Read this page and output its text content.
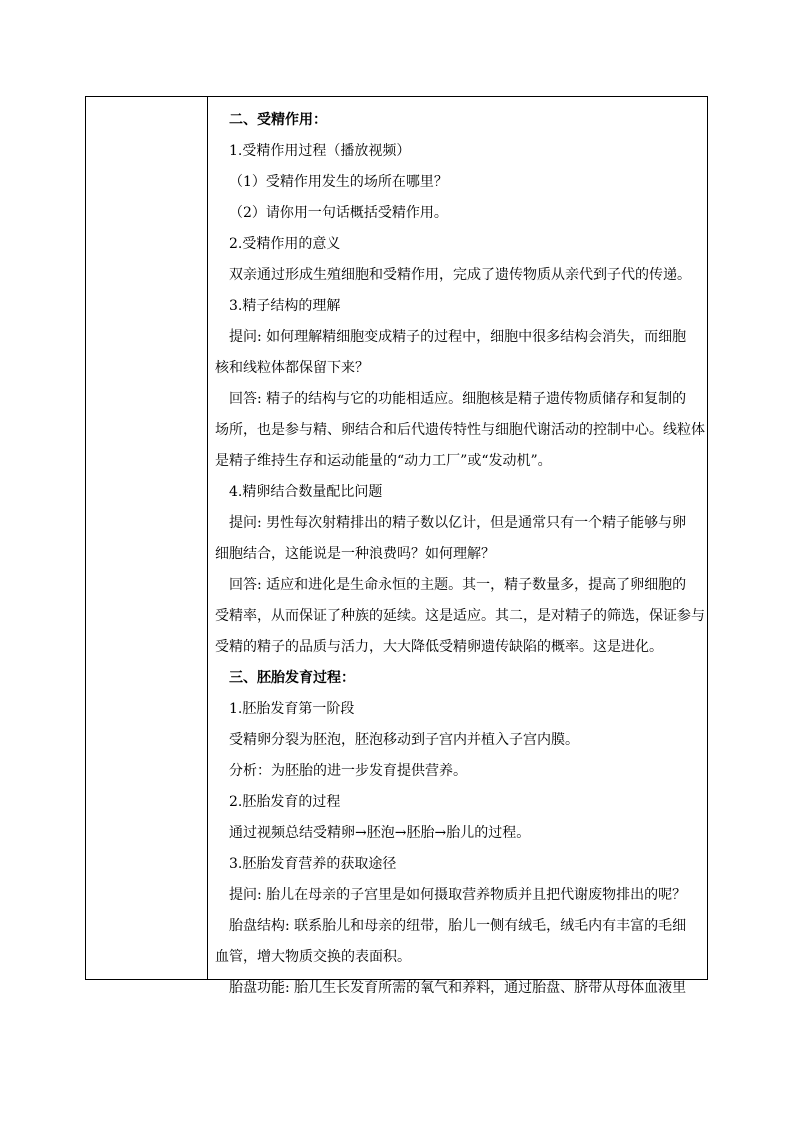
二、受精作用：
1.受精作用过程（播放视频）
（1）受精作用发生的场所在哪里？
（2）请你用一句话概括受精作用。
2.受精作用的意义
双亲通过形成生殖细胞和受精作用，完成了遗传物质从亲代到子代的传递。
3.精子结构的理解
提问: 如何理解精细胞变成精子的过程中，细胞中很多结构会消失，而细胞
核和线粒体都保留下来？
回答: 精子的结构与它的功能相适应。细胞核是精子遗传物质储存和复制的
场所，也是参与精、卵结合和后代遗传特性与细胞代谢活动的控制中心。线粒体
是精子维持生存和运动能量的“动力工厂”或“发动机”。
4.精卵结合数量配比问题
提问: 男性每次射精排出的精子数以亿计，但是通常只有一个精子能够与卵
细胞结合，这能说是一种浪费吗？如何理解？
回答: 适应和进化是生命永恒的主题。其一，精子数量多，提高了卵细胞的
受精率，从而保证了种族的延续。这是适应。其二，是对精子的筛选，保证参与
受精的精子的品质与活力，大大降低受精卵遗传缺陷的概率。这是进化。
三、胚胎发育过程：
1.胚胎发育第一阶段
受精卵分裂为胚泡，胚泡移动到子宫内并植入子宫内膜。
分析：为胚胎的进一步发育提供营养。
2.胚胎发育的过程
通过视频总结受精卵→胚泡→胚胎→胎儿的过程。
3.胚胎发育营养的获取途径
提问: 胎儿在母亲的子宫里是如何摄取营养物质并且把代谢废物排出的呢？
胎盘结构: 联系胎儿和母亲的纽带，胎儿一侧有绒毛，绒毛内有丰富的毛细
血管，增大物质交换的表面积。
胎盘功能: 胎儿生长发育所需的氧气和养料，通过胎盘、脐带从母体血液里
